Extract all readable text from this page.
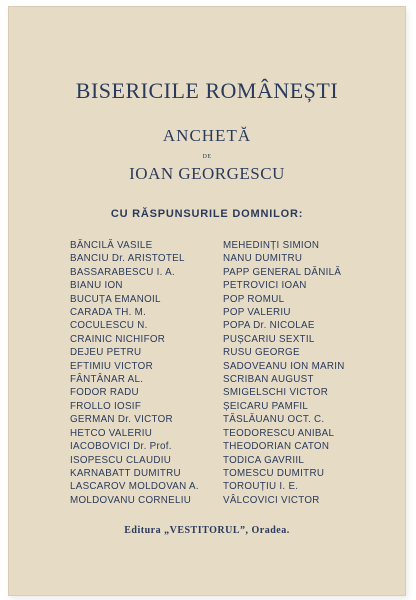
BISERICILE ROMÂNEȘTI
ANCHETĂ
DE
IOAN GEORGESCU
CU RĂSPUNSURILE DOMNILOR:
BĂNCILĂ VASILE
BANCIU Dr. ARISTOTEL
BASSARABESCU I. A.
BIANU ION
BUCUȚA EMANOIL
CARADA TH. M.
COCULESCU N.
CRAINIC NICHIFOR
DEJEU PETRU
EFTIMIU VICTOR
FÂNTÂNAR AL.
FODOR RADU
FROLLO IOSIF
GERMAN Dr. VICTOR
HETCO VALERIU
IACOBOVICI Dr. Prof.
ISOPESCU CLAUDIU
KARNABATT DUMITRU
LASCAROV MOLDOVAN A.
MOLDOVANU CORNELIU
MEHEDINȚI SIMION
NANU DUMITRU
PAPP GENERAL DĂNILĂ
PETROVICI IOAN
POP ROMUL
POP VALERIU
POPA Dr. NICOLAE
PUȘCARIU SEXTIL
RUSU GEORGE
SADOVEANU ION MARIN
SCRIBAN AUGUST
SMIGELSCHI VICTOR
ȘEICARU PAMFIL
TĂSLĂUANU OCT. C.
TEODORESCU ANIBAL
THEODORIAN CATON
TODICA GAVRIIL
TOMESCU DUMITRU
TOROUȚIU I. E.
VÂLCOVICI VICTOR
Editura „VESTITORUL”, Oradea.
